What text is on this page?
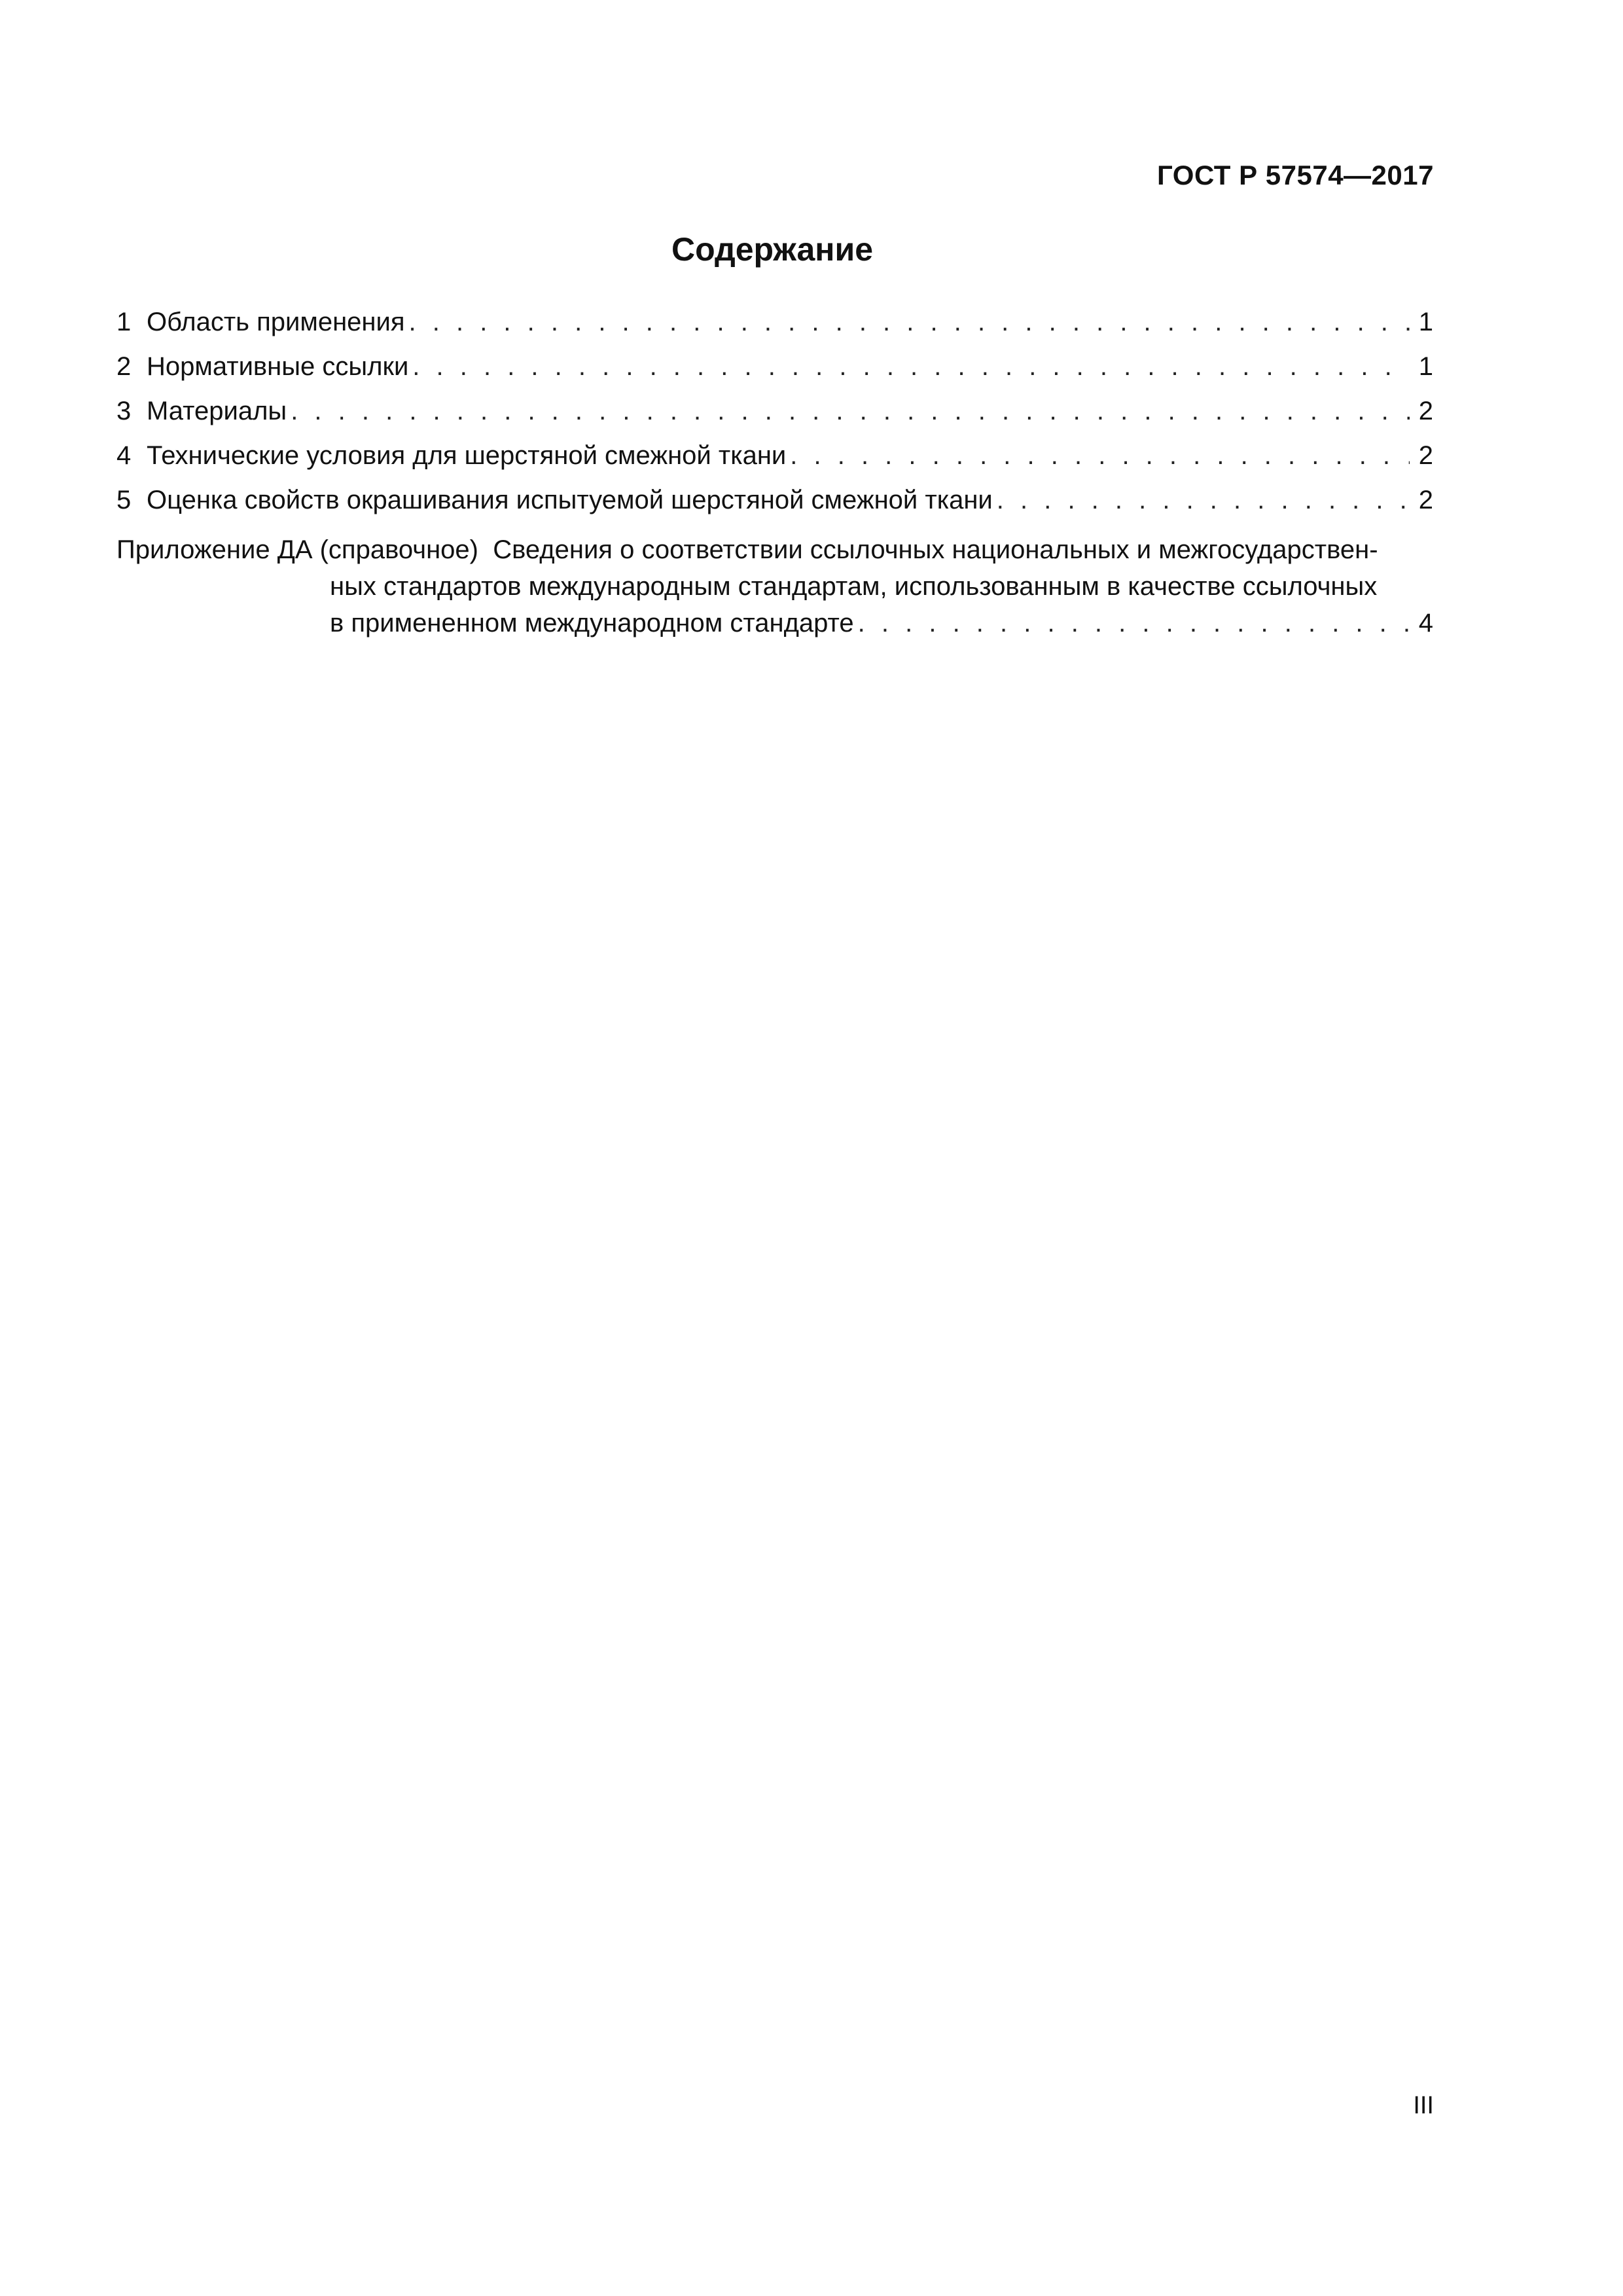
ГОСТ Р 57574—2017
Содержание
1 Область применения . . .	1
2 Нормативные ссылки . . .	1
3 Материалы . . .	2
4 Технические условия для шерстяной смежной ткани . . .	2
5 Оценка свойств окрашивания испытуемой шерстяной смежной ткани . . .	2
Приложение ДА (справочное) Сведения о соответствии ссылочных национальных и межгосударствен-
ных стандартов международным стандартам, использованным в качестве ссылочных
в примененном международном стандарте . . .	4
III
